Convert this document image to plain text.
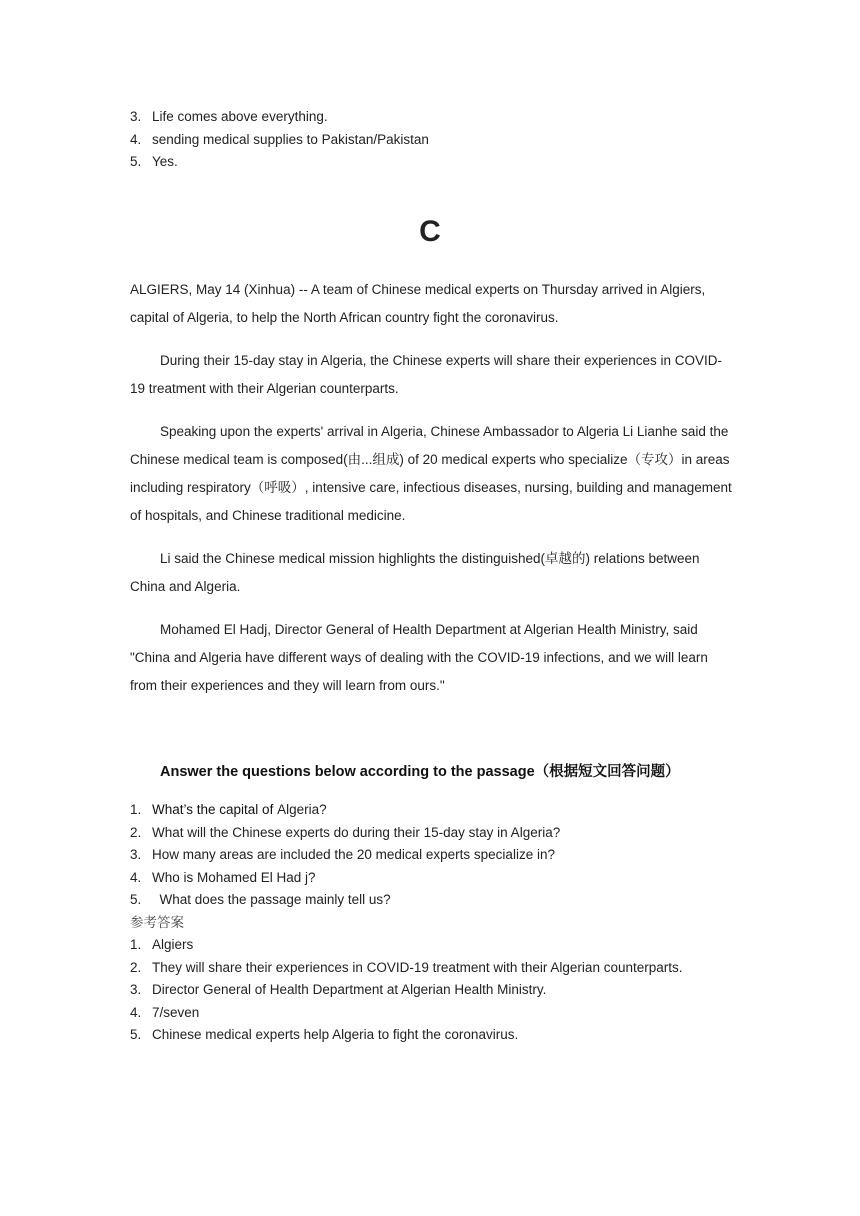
3. Life comes above everything.
4. sending medical supplies to Pakistan/Pakistan
5. Yes.
C

ALGIERS, May 14 (Xinhua) -- A team of Chinese medical experts on Thursday arrived in Algiers, capital of Algeria, to help the North African country fight the coronavirus.

During their 15-day stay in Algeria, the Chinese experts will share their experiences in COVID-19 treatment with their Algerian counterparts.

Speaking upon the experts' arrival in Algeria, Chinese Ambassador to Algeria Li Lianhe said the Chinese medical team is composed(由...组成) of 20 medical experts who specialize（专攻）in areas including respiratory（呼吸）, intensive care, infectious diseases, nursing, building and management of hospitals, and Chinese traditional medicine.

Li said the Chinese medical mission highlights the distinguished(卓越的) relations between China and Algeria.

Mohamed El Hadj, Director General of Health Department at Algerian Health Ministry, said "China and Algeria have different ways of dealing with the COVID-19 infections, and we will learn from their experiences and they will learn from ours."

Answer the questions below according to the passage（根据短文回答问题）
1. What’s the capital of Algeria?
2. What will the Chinese experts do during their 15-day stay in Algeria?
3. How many areas are included the 20 medical experts specialize in?
4. Who is Mohamed El Had j?
5. What does the passage mainly tell us?
参考答案
1. Algiers
2. They will share their experiences in COVID-19 treatment with their Algerian counterparts.
3. Director General of Health Department at Algerian Health Ministry.
4. 7/seven
5. Chinese medical experts help Algeria to fight the coronavirus.
